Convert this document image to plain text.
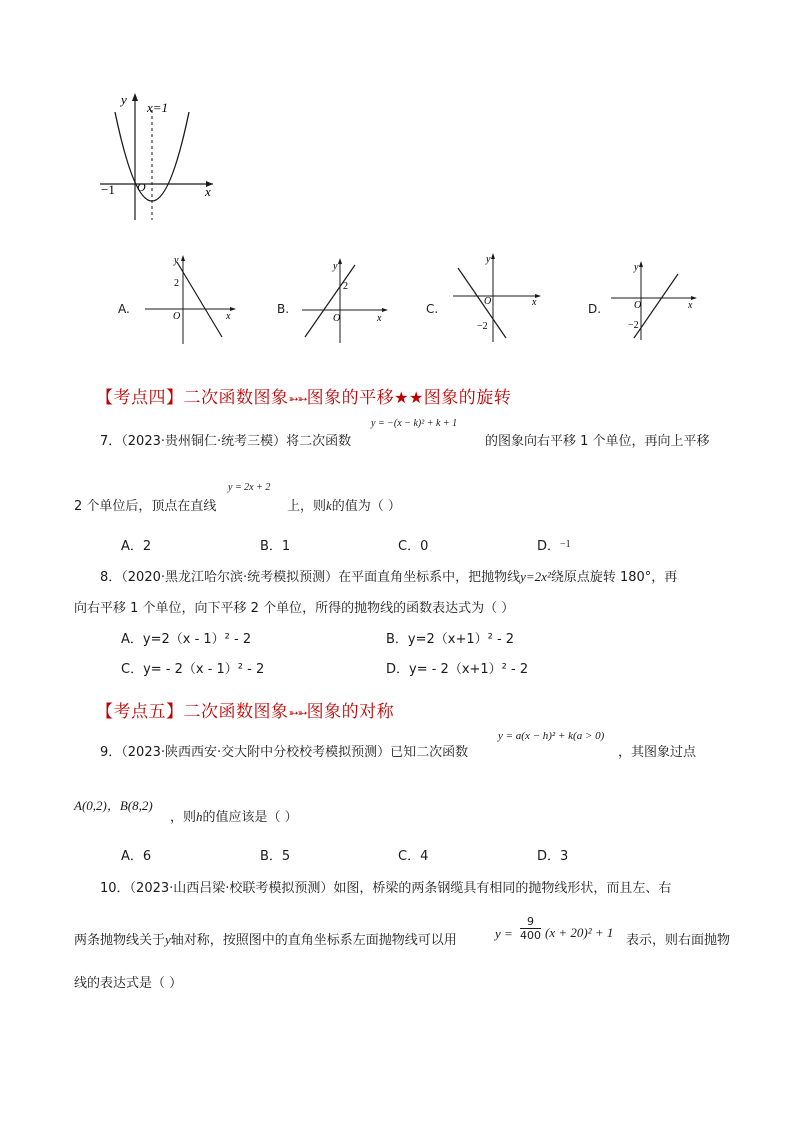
y
x=1
O
−1	x
A.
y
2
O	x
B.
y
2
O	x
C.
y
O
−2
x	D.
y
O
−2
x
【考点四】二次函数图象➳➳图象的平移★★图象的旋转
7．（2023·贵州铜仁·统考三模）将二次函数
y = −(x − k)² + k + 1
的图象向右平移 1 个单位，再向上平移
2 个单位后，顶点在直线
y = 2x + 2
上，则k的值为（ ）
A．2	B．1	C．0	D．$^{-1}$
8．（2020·黑龙江哈尔滨·统考模拟预测）在平面直角坐标系中，把抛物线y=2x²绕原点旋转 180°，再
向右平移 1 个单位，向下平移 2 个单位，所得的抛物线的函数表达式为（ ）
A．y=2（x - 1）² - 2	B．y=2（x+1）² - 2
C．y= - 2（x - 1）² - 2	D．y= - 2（x+1）² - 2
【考点五】二次函数图象➳➳图象的对称
9．（2023·陕西西安·交大附中分校校考模拟预测）已知二次函数
y = a(x − h)² + k(a > 0)
，其图象过点
A(0,2)，B(8,2)
，则h的值应该是（ ）
A．6	B．5	C．4	D．3
10．（2023·山西吕梁·校联考模拟预测）如图，桥梁的两条钢缆具有相同的抛物线形状，而且左、右
两条抛物线关于y轴对称，按照图中的直角坐标系左面抛物线可以用	$y = \frac{9}{400} (x + 20)^2 + 1$
表示，则右面抛物
线的表达式是（ ）
